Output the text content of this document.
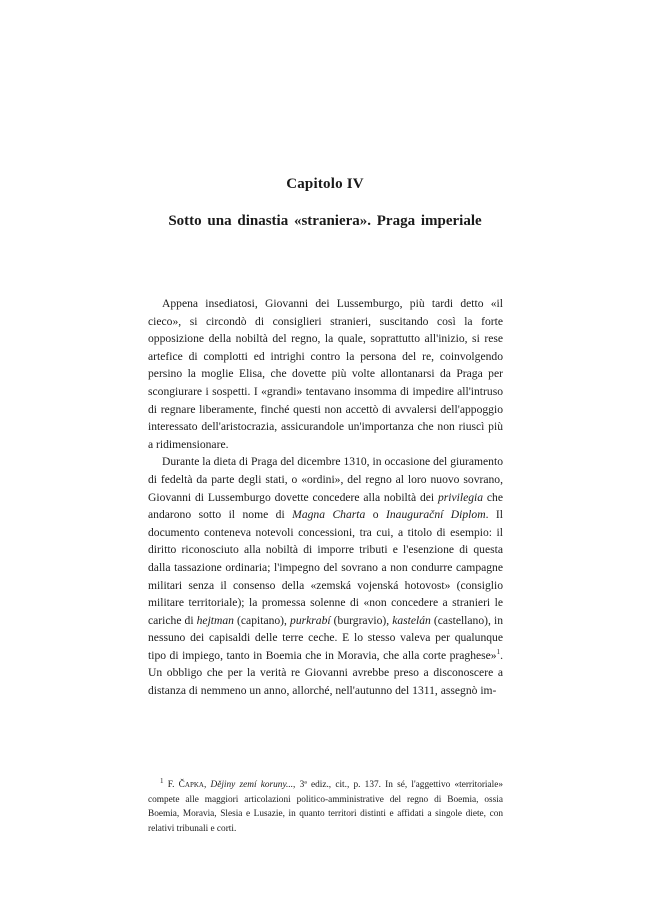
Capitolo IV
Sotto una dinastia «straniera». Praga imperiale

Appena insediatosi, Giovanni dei Lussemburgo, più tardi detto «il cieco», si circondò di consiglieri stranieri, suscitando così la forte opposizione della nobiltà del regno, la quale, soprattutto all'inizio, si rese artefice di complotti ed intrighi contro la persona del re, coinvolgendo persino la moglie Elisa, che dovette più volte allontanarsi da Praga per scongiurare i sospetti. I «grandi» tentavano insomma di impedire all'intruso di regnare liberamente, finché questi non accettò di avvalersi dell'appoggio interessato dell'aristocrazia, assicurandole un'importanza che non riuscì più a ridimensionare.

Durante la dieta di Praga del dicembre 1310, in occasione del giuramento di fedeltà da parte degli stati, o «ordini», del regno al loro nuovo sovrano, Giovanni di Lussemburgo dovette concedere alla nobiltà dei privilegia che andarono sotto il nome di Magna Charta o Inaugurační Diplom. Il documento conteneva notevoli concessioni, tra cui, a titolo di esempio: il diritto riconosciuto alla nobiltà di imporre tributi e l'esenzione di questa dalla tassazione ordinaria; l'impegno del sovrano a non condurre campagne militari senza il consenso della «zemská vojenská hotovost» (consiglio militare territoriale); la promessa solenne di «non concedere a stranieri le cariche di hejtman (capitano), purkrabí (burgravio), kastelán (castellano), in nessuno dei capisaldi delle terre ceche. E lo stesso valeva per qualunque tipo di impiego, tanto in Boemia che in Moravia, che alla corte praghese»$^1$. Un obbligo che per la verità re Giovanni avrebbe preso a disconoscere a distanza di nemmeno un anno, allorché, nell'autunno del 1311, assegnò im-

$^1$ F. Čapka, Dějiny zemí koruny..., 3ª ediz., cit., p. 137. In sé, l'aggettivo «territoriale» compete alle maggiori articolazioni politico-amministrative del regno di Boemia, ossia Boemia, Moravia, Slesia e Lusazie, in quanto territori distinti e affidati a singole diete, con relativi tribunali e corti.
